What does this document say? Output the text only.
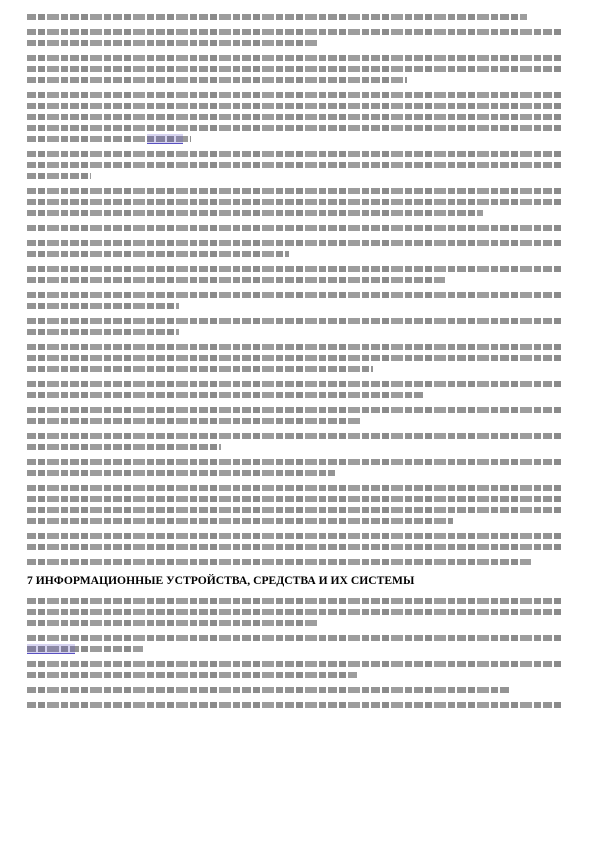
7 ИНФОРМАЦИОННЫЕ УСТРОЙСТВА, СРЕДСТВА И ИХ СИСТЕМЫ
